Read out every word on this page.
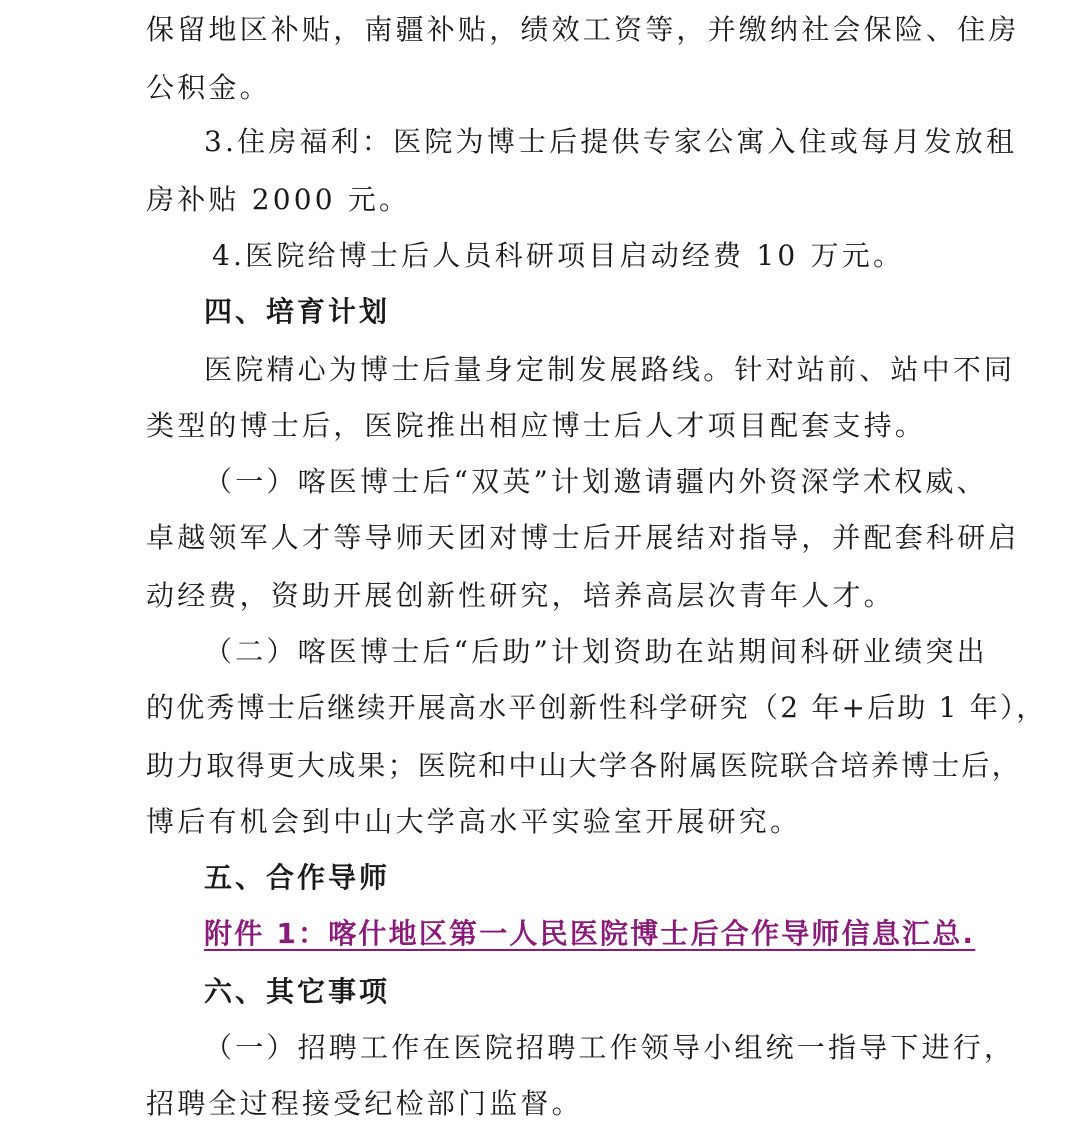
保留地区补贴，南疆补贴，绩效工资等，并缴纳社会保险、住房
公积金。
3.住房福利：医院为博士后提供专家公寓入住或每月发放租
房补贴 2000 元。
4.医院给博士后人员科研项目启动经费 10 万元。
四、培育计划
医院精心为博士后量身定制发展路线。针对站前、站中不同
类型的博士后，医院推出相应博士后人才项目配套支持。
（一）喀医博士后“双英”计划邀请疆内外资深学术权威、
卓越领军人才等导师天团对博士后开展结对指导，并配套科研启
动经费，资助开展创新性研究，培养高层次青年人才。
（二）喀医博士后“后助”计划资助在站期间科研业绩突出
的优秀博士后继续开展高水平创新性科学研究（2 年+后助 1 年），
助力取得更大成果；医院和中山大学各附属医院联合培养博士后，
博后有机会到中山大学高水平实验室开展研究。
五、合作导师
附件 1：喀什地区第一人民医院博士后合作导师信息汇总.
六、其它事项
（一）招聘工作在医院招聘工作领导小组统一指导下进行，
招聘全过程接受纪检部门监督。
